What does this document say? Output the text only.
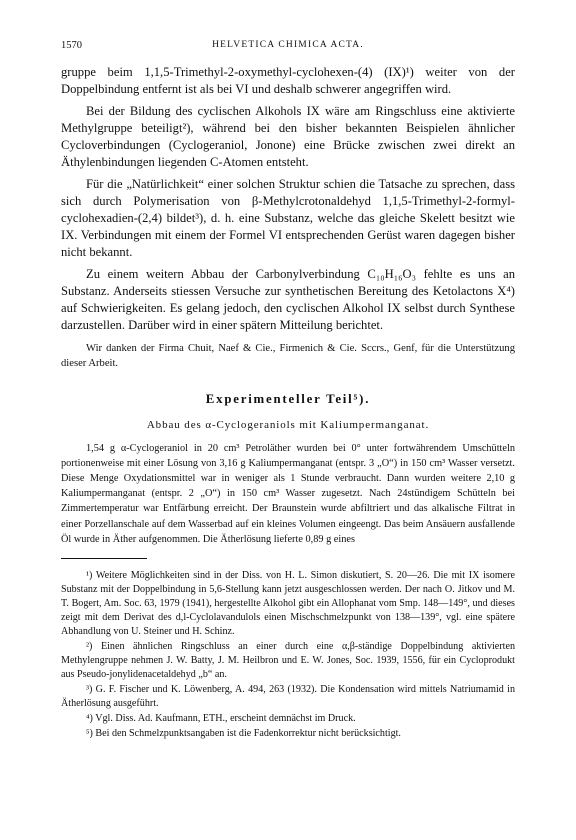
1570	HELVETICA CHIMICA ACTA.

gruppe beim 1,1,5-Trimethyl-2-oxymethyl-cyclohexen-(4) (IX)¹) weiter von der Doppelbindung entfernt ist als bei VI und deshalb schwerer angegriffen wird.

Bei der Bildung des cyclischen Alkohols IX wäre am Ringschluss eine aktivierte Methylgruppe beteiligt²), während bei den bisher bekannten Beispielen ähnlicher Cycloverbindungen (Cyclogeraniol, Jonone) eine Brücke zwischen zwei direkt an Äthylenbindungen liegenden C-Atomen entsteht.

Für die „Natürlichkeit“ einer solchen Struktur schien die Tatsache zu sprechen, dass sich durch Polymerisation von β-Methylcrotonaldehyd 1,1,5-Trimethyl-2-formyl-cyclohexadien-(2,4) bildet³), d. h. eine Substanz, welche das gleiche Skelett besitzt wie IX. Verbindungen mit einem der Formel VI entsprechenden Gerüst waren dagegen bisher nicht bekannt.

Zu einem weitern Abbau der Carbonylverbindung C₁₀H₁₆O₃ fehlte es uns an Substanz. Anderseits stiessen Versuche zur synthetischen Bereitung des Ketolactons X⁴) auf Schwierigkeiten. Es gelang jedoch, den cyclischen Alkohol IX selbst durch Synthese darzustellen. Darüber wird in einer spätern Mitteilung berichtet.

Wir danken der Firma Chuit, Naef & Cie., Firmenich & Cie. Sccrs., Genf, für die Unterstützung dieser Arbeit.

Experimenteller Teil⁵).
Abbau des α-Cyclogeraniols mit Kaliumpermanganat.

1,54 g α-Cyclogeraniol in 20 cm³ Petroläther wurden bei 0° unter fortwährendem Umschütteln portionenweise mit einer Lösung von 3,16 g Kaliumpermanganat (entspr. 3 „O“) in 150 cm³ Wasser versetzt. Diese Menge Oxydationsmittel war in weniger als 1 Stunde verbraucht. Dann wurden weitere 2,10 g Kaliumpermanganat (entspr. 2 „O“) in 150 cm³ Wasser zugesetzt. Nach 24stündigem Schütteln bei Zimmertemperatur war Entfärbung erreicht. Der Braunstein wurde abfiltriert und das alkalische Filtrat in einer Porzellanschale auf dem Wasserbad auf ein kleines Volumen eingeengt. Das beim Ansäuern ausfallende Öl wurde in Äther aufgenommen. Die Ätherlösung lieferte 0,89 g eines

¹) Weitere Möglichkeiten sind in der Diss. von H. L. Simon diskutiert, S. 20—26. Die mit IX isomere Substanz mit der Doppelbindung in 5,6-Stellung kann jetzt ausgeschlossen werden. Der nach O. Jitkov und M. T. Bogert, Am. Soc. 63, 1979 (1941), hergestellte Alkohol gibt ein Allophanat vom Smp. 148—149°, und dieses zeigt mit dem Derivat des d,l-Cyclolavandulols einen Mischschmelzpunkt von 138—139°, vgl. eine spätere Abhandlung von U. Steiner und H. Schinz.

²) Einen ähnlichen Ringschluss an einer durch eine α,β-ständige Doppelbindung aktivierten Methylengruppe nehmen J. W. Batty, J. M. Heilbron und E. W. Jones, Soc. 1939, 1556, für ein Cycloprodukt aus Pseudo-jonylidenacetaldehyd „b“ an.

³) G. F. Fischer und K. Löwenberg, A. 494, 263 (1932). Die Kondensation wird mittels Natriumamid in Ätherlösung ausgeführt.

⁴) Vgl. Diss. Ad. Kaufmann, ETH., erscheint demnächst im Druck.

⁵) Bei den Schmelzpunktsangaben ist die Fadenkorrektur nicht berücksichtigt.
